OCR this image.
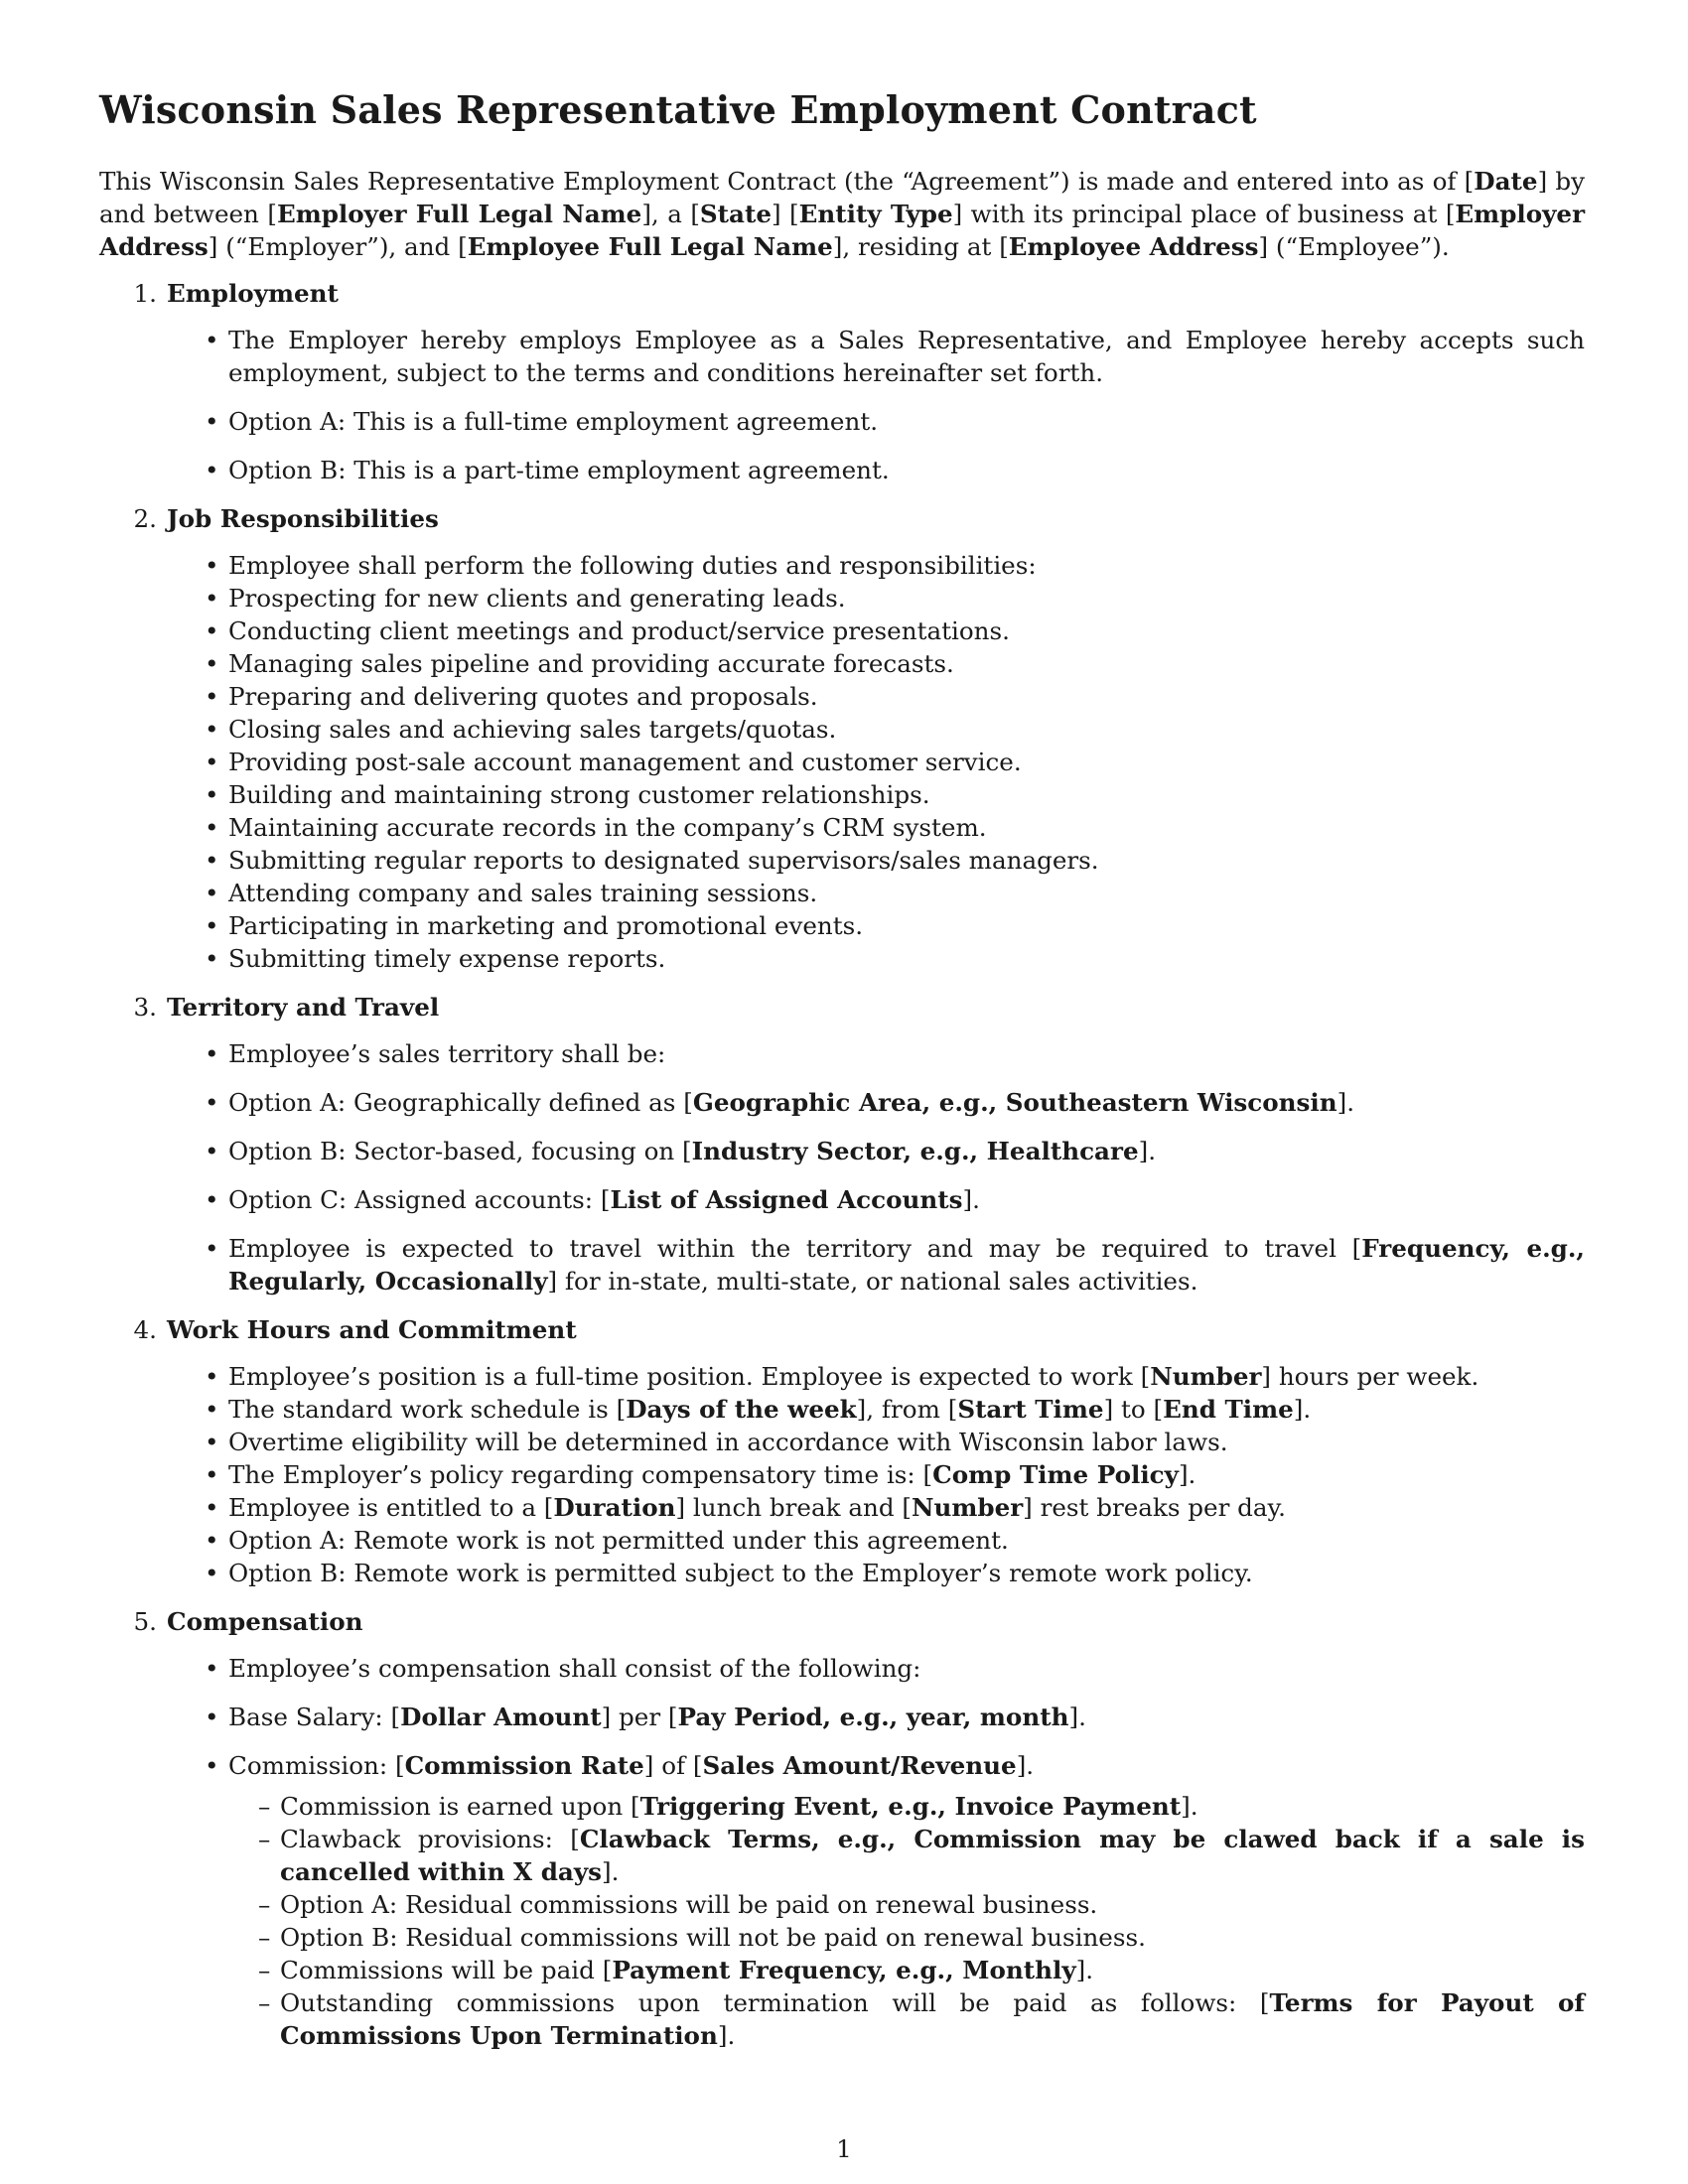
Wisconsin Sales Representative Employment Contract

This Wisconsin Sales Representative Employment Contract (the “Agreement”) is made and entered into as of [Date] by and between [Employer Full Legal Name], a [State] [Entity Type] with its principal place of business at [Employer Address] (“Employer”), and [Employee Full Legal Name], residing at [Employee Address] (“Employee”).

1. Employment
• The Employer hereby employs Employee as a Sales Representative, and Employee hereby accepts such employment, subject to the terms and conditions hereinafter set forth.
• Option A: This is a full-time employment agreement.
• Option B: This is a part-time employment agreement.
2. Job Responsibilities
• Employee shall perform the following duties and responsibilities:
• Prospecting for new clients and generating leads.
• Conducting client meetings and product/service presentations.
• Managing sales pipeline and providing accurate forecasts.
• Preparing and delivering quotes and proposals.
• Closing sales and achieving sales targets/quotas.
• Providing post-sale account management and customer service.
• Building and maintaining strong customer relationships.
• Maintaining accurate records in the company’s CRM system.
• Submitting regular reports to designated supervisors/sales managers.
• Attending company and sales training sessions.
• Participating in marketing and promotional events.
• Submitting timely expense reports.
3. Territory and Travel
• Employee’s sales territory shall be:
• Option A: Geographically defined as [Geographic Area, e.g., Southeastern Wisconsin].
• Option B: Sector-based, focusing on [Industry Sector, e.g., Healthcare].
• Option C: Assigned accounts: [List of Assigned Accounts].
• Employee is expected to travel within the territory and may be required to travel [Frequency, e.g., Regularly, Occasionally] for in-state, multi-state, or national sales activities.
4. Work Hours and Commitment
• Employee’s position is a full-time position. Employee is expected to work [Number] hours per week.
• The standard work schedule is [Days of the week], from [Start Time] to [End Time].
• Overtime eligibility will be determined in accordance with Wisconsin labor laws.
• The Employer’s policy regarding compensatory time is: [Comp Time Policy].
• Employee is entitled to a [Duration] lunch break and [Number] rest breaks per day.
• Option A: Remote work is not permitted under this agreement.
• Option B: Remote work is permitted subject to the Employer’s remote work policy.
5. Compensation
• Employee’s compensation shall consist of the following:
• Base Salary: [Dollar Amount] per [Pay Period, e.g., year, month].
• Commission: [Commission Rate] of [Sales Amount/Revenue].
– Commission is earned upon [Triggering Event, e.g., Invoice Payment].
– Clawback provisions: [Clawback Terms, e.g., Commission may be clawed back if a sale is cancelled within X days].
– Option A: Residual commissions will be paid on renewal business.
– Option B: Residual commissions will not be paid on renewal business.
– Commissions will be paid [Payment Frequency, e.g., Monthly].
– Outstanding commissions upon termination will be paid as follows: [Terms for Payout of Commissions Upon Termination].
1
